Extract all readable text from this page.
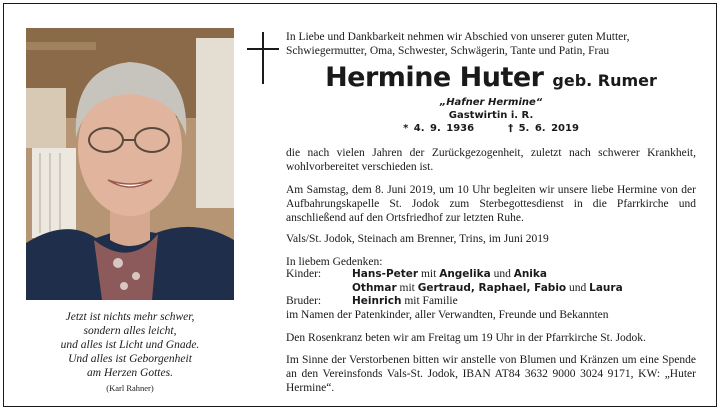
Jetzt ist nichts mehr schwer,
sondern alles leicht,
und alles ist Licht und Gnade.
Und alles ist Geborgenheit
am Herzen Gottes.
(Karl Rahner)
In Liebe und Dankbarkeit nehmen wir Abschied von unserer guten Mutter, Schwiegermutter, Oma, Schwester, Schwägerin, Tante und Patin, Frau
Hermine Huter geb. Rumer
„Hafner Hermine“
Gastwirtin i. R.
* 4. 9. 1936	† 5. 6. 2019
die nach vielen Jahren der Zurückgezogenheit, zuletzt nach schwerer Krankheit, wohlvorbereitet verschieden ist.
Am Samstag, dem 8. Juni 2019, um 10 Uhr begleiten wir unsere liebe Hermine von der Aufbahrungskapelle St. Jodok zum Sterbegottesdienst in die Pfarrkirche und anschließend auf den Ortsfriedhof zur letzten Ruhe.
Vals/St. Jodok, Steinach am Brenner, Trins, im Juni 2019
In liebem Gedenken:
Kinder:	Hans-Peter mit Angelika und Anika
Othmar mit Gertraud, Raphael, Fabio und Laura
Bruder:	Heinrich mit Familie
im Namen der Patenkinder, aller Verwandten, Freunde und Bekannten
Den Rosenkranz beten wir am Freitag um 19 Uhr in der Pfarrkirche St. Jodok.
Im Sinne der Verstorbenen bitten wir anstelle von Blumen und Kränzen um eine Spende an den Vereinsfonds Vals-St. Jodok, IBAN AT84 3632 9000 3024 9171, KW: „Huter Hermine“.
